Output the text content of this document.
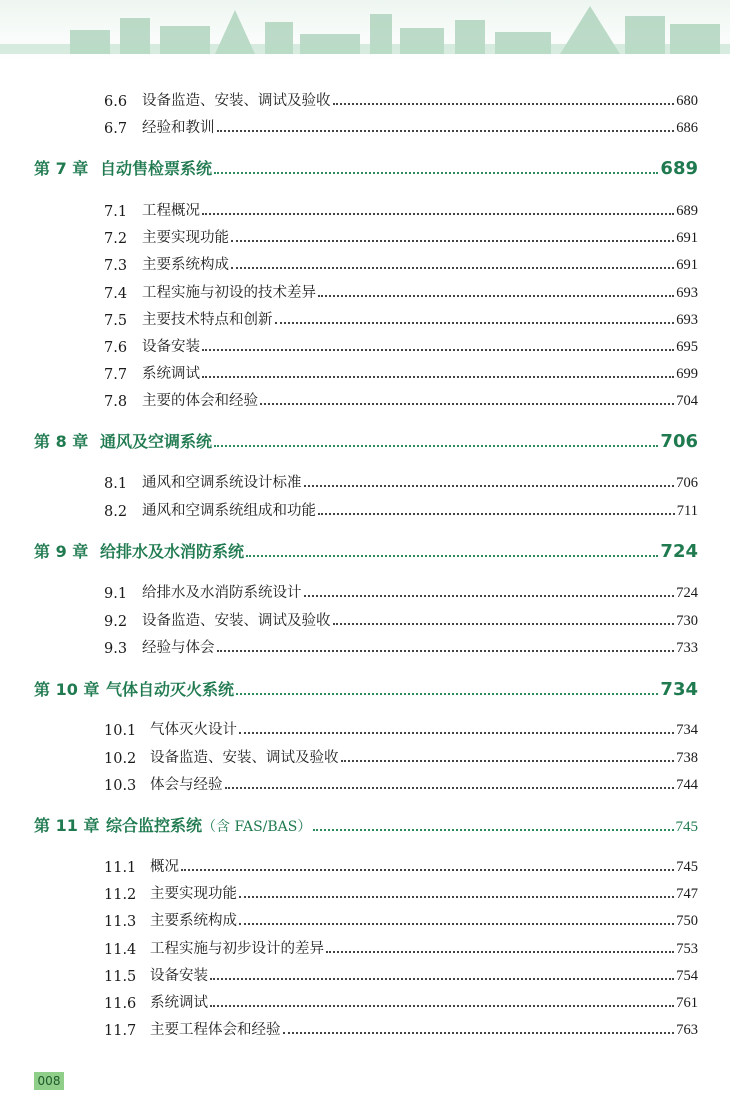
6.6	设备监造、安装、调试及验收	680
6.7	经验和教训	686
第 7 章 自动售检票系统	689
7.1	工程概况	689
7.2	主要实现功能	691
7.3	主要系统构成	691
7.4	工程实施与初设的技术差异	693
7.5	主要技术特点和创新	693
7.6	设备安装	695
7.7	系统调试	699
7.8	主要的体会和经验	704
第 8 章 通风及空调系统	706
8.1	通风和空调系统设计标准	706
8.2	通风和空调系统组成和功能	711
第 9 章 给排水及水消防系统	724
9.1	给排水及水消防系统设计	724
9.2	设备监造、安装、调试及验收	730
9.3	经验与体会	733
第 10 章 气体自动灭火系统	734
10.1 气体灭火设计	734
10.2 设备监造、安装、调试及验收	738
10.3 体会与经验	744
第 11 章 综合监控系统（含 FAS/BAS）	745
11.1 概况	745
11.2 主要实现功能	747
11.3 主要系统构成	750
11.4 工程实施与初步设计的差异	753
11.5 设备安装	754
11.6 系统调试	761
11.7 主要工程体会和经验	763
008
